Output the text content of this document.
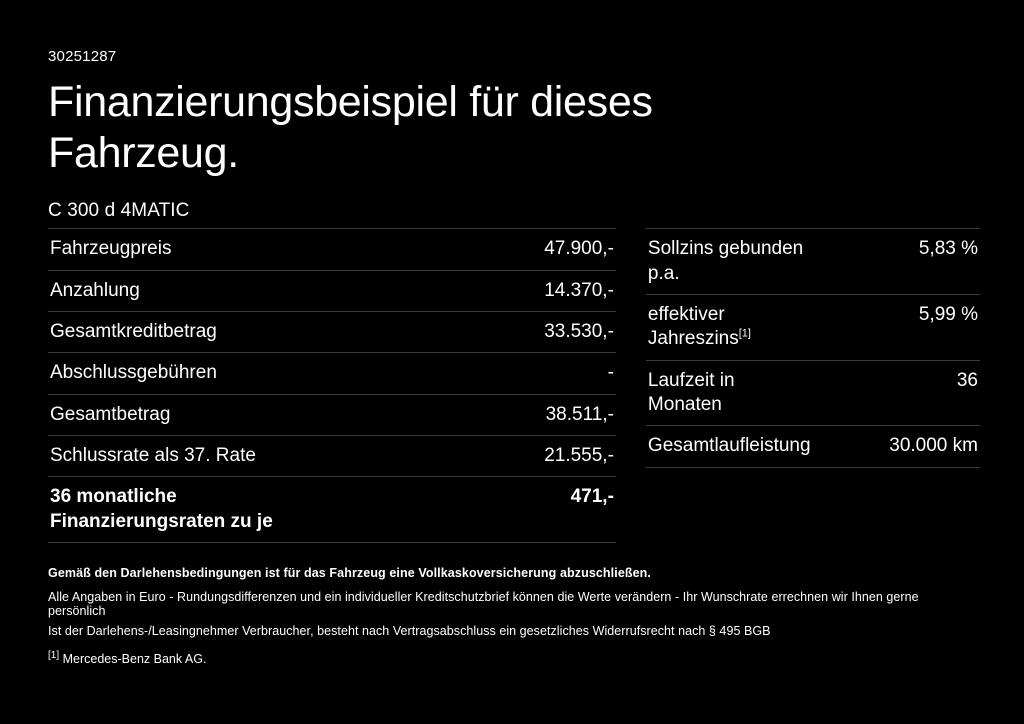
30251287
Finanzierungsbeispiel für dieses Fahrzeug.
C 300 d 4MATIC
Fahrzeugpreis	47.900,-
Anzahlung	14.370,-
Gesamtkreditbetrag	33.530,-
Abschlussgebühren	-
Gesamtbetrag	38.511,-
Schlussrate als 37. Rate	21.555,-
36 monatliche Finanzierungsraten zu je	471,-
Sollzins gebunden p.a.	5,83 %
effektiver Jahreszins[1]	5,99 %
Laufzeit in Monaten	36
Gesamtlaufleistung	30.000 km
Gemäß den Darlehensbedingungen ist für das Fahrzeug eine Vollkaskoversicherung abzuschließen.
Alle Angaben in Euro - Rundungsdifferenzen und ein individueller Kreditschutzbrief können die Werte verändern - Ihr Wunschrate errechnen wir Ihnen gerne persönlich
Ist der Darlehens-/Leasingnehmer Verbraucher, besteht nach Vertragsabschluss ein gesetzliches Widerrufsrecht nach § 495 BGB
[1] Mercedes-Benz Bank AG.
